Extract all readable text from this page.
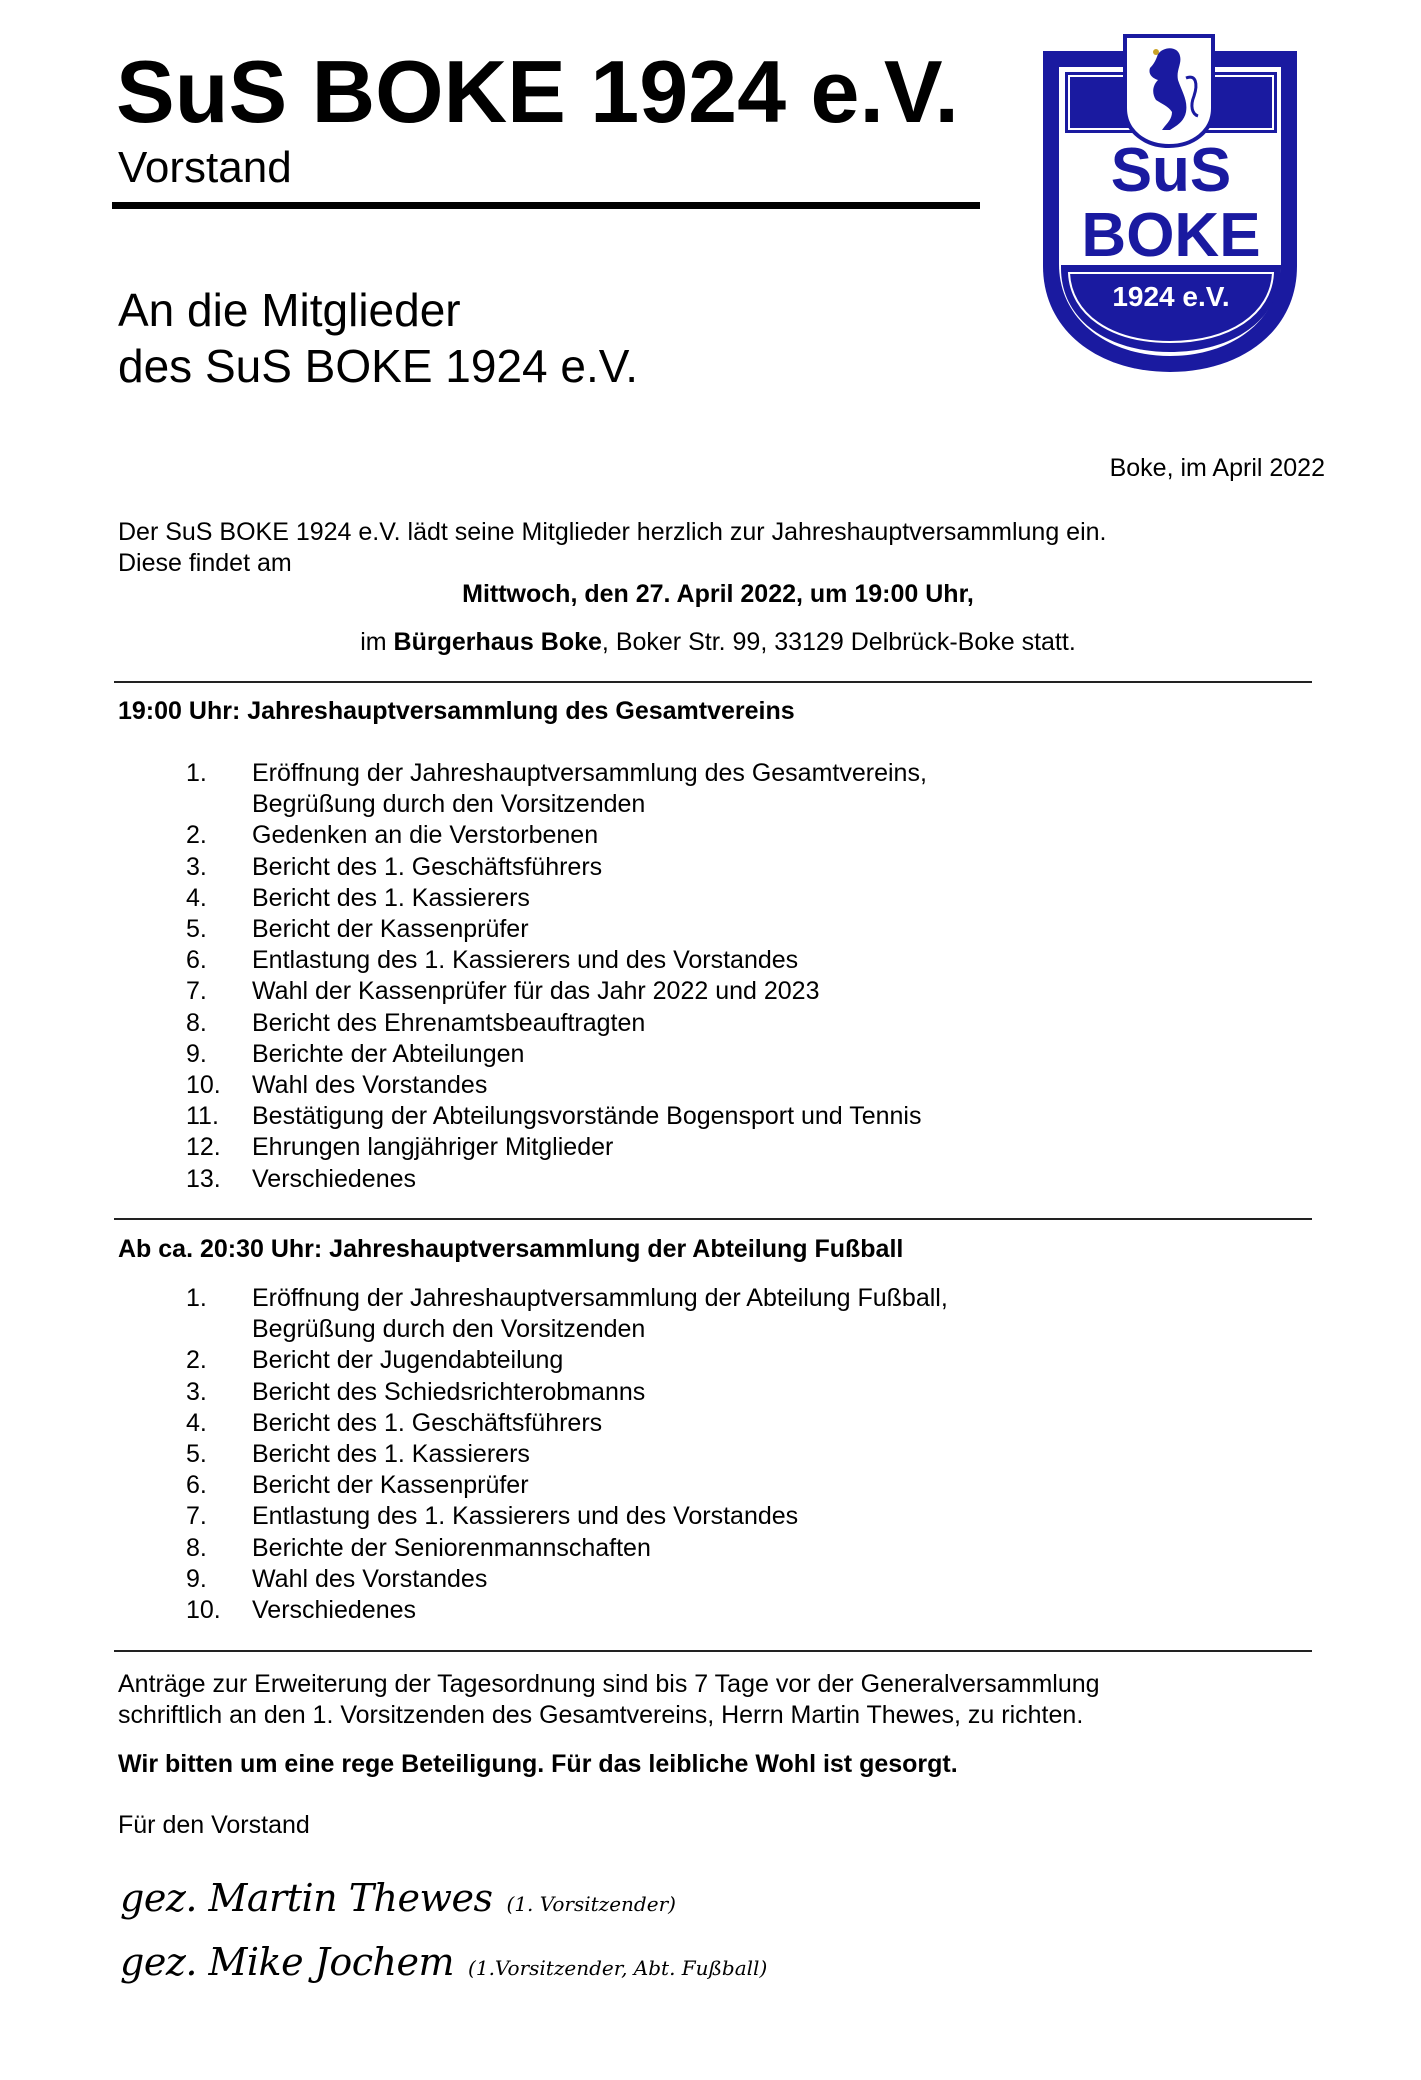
SuS BOKE 1924 e.V.
Vorstand	SuS
BOKE
1924 e.V.
An die Mitglieder
des SuS BOKE 1924 e.V.
Boke, im April 2022
Der SuS BOKE 1924 e.V. lädt seine Mitglieder herzlich zur Jahreshauptversammlung ein.
Diese findet am
Mittwoch, den 27. April 2022, um 19:00 Uhr,
im Bürgerhaus Boke, Boker Str. 99, 33129 Delbrück-Boke statt.
19:00 Uhr: Jahreshauptversammlung des Gesamtvereins
1. Eröffnung der Jahreshauptversammlung des Gesamtvereins,
Begrüßung durch den Vorsitzenden
2. Gedenken an die Verstorbenen
3. Bericht des 1. Geschäftsführers
4. Bericht des 1. Kassierers
5. Bericht der Kassenprüfer
6. Entlastung des 1. Kassierers und des Vorstandes
7. Wahl der Kassenprüfer für das Jahr 2022 und 2023
8. Bericht des Ehrenamtsbeauftragten
9. Berichte der Abteilungen
10. Wahl des Vorstandes
11. Bestätigung der Abteilungsvorstände Bogensport und Tennis
12. Ehrungen langjähriger Mitglieder
13. Verschiedenes
Ab ca. 20:30 Uhr: Jahreshauptversammlung der Abteilung Fußball
1. Eröffnung der Jahreshauptversammlung der Abteilung Fußball,
Begrüßung durch den Vorsitzenden
2. Bericht der Jugendabteilung
3. Bericht des Schiedsrichterobmanns
4. Bericht des 1. Geschäftsführers
5. Bericht des 1. Kassierers
6. Bericht der Kassenprüfer
7. Entlastung des 1. Kassierers und des Vorstandes
8. Berichte der Seniorenmannschaften
9. Wahl des Vorstandes
10. Verschiedenes
Anträge zur Erweiterung der Tagesordnung sind bis 7 Tage vor der Generalversammlung
schriftlich an den 1. Vorsitzenden des Gesamtvereins, Herrn Martin Thewes, zu richten.
Wir bitten um eine rege Beteiligung. Für das leibliche Wohl ist gesorgt.
Für den Vorstand
gez. Martin Thewes (1. Vorsitzender)
gez. Mike Jochem (1.Vorsitzender, Abt. Fußball)
